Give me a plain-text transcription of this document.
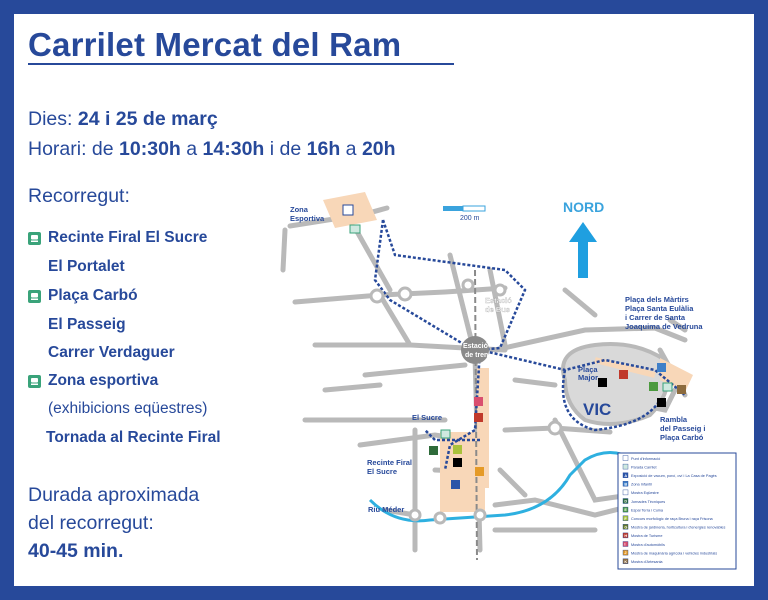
Carrilet Mercat del Ram
Dies: 24 i 25 de març
Horari: de 10:30h a 14:30h i de 16h a 20h
Recorregut:
Recinte Firal El Sucre
El Portalet
Plaça Carbó
El Passeig
Carrer Verdaguer
Zona esportiva
(exhibicions eqüestres)
Tornada al Recinte Firal
Durada aproximada
del recorregut:
40-45 min.
200 m
NORD
Zona
Esportiva
Estació
de Bus
Plaça
Major
Plaça dels Màrtirs
Plaça Santa Eulàlia
i Carrer de Santa
Joaquima de Vedruna
Rambla
del Passeig i
Plaça Carbó
El Sucre
Recinte Firal
El Sucre
Riu Méder
Estació
de tren
VIC
i Punt d'informació
Parada Carrilet
A Exposició de vacum, porcí, oví i La Casa de Pagès
B Zona Infantil
C Mostra Eqüestre
D Jornades Tècniques
E Espai Terra i Cuina
F Concurs morfològic de raça Bruna i raça Frisona
G Mostra de jardineria, horticultura i d'energies renovables
H Mostra de Turisme
I Mostra d'automòbils
J Mostra de maquinària agrícola i vehicles industrials
K Mostra d'Artesania
